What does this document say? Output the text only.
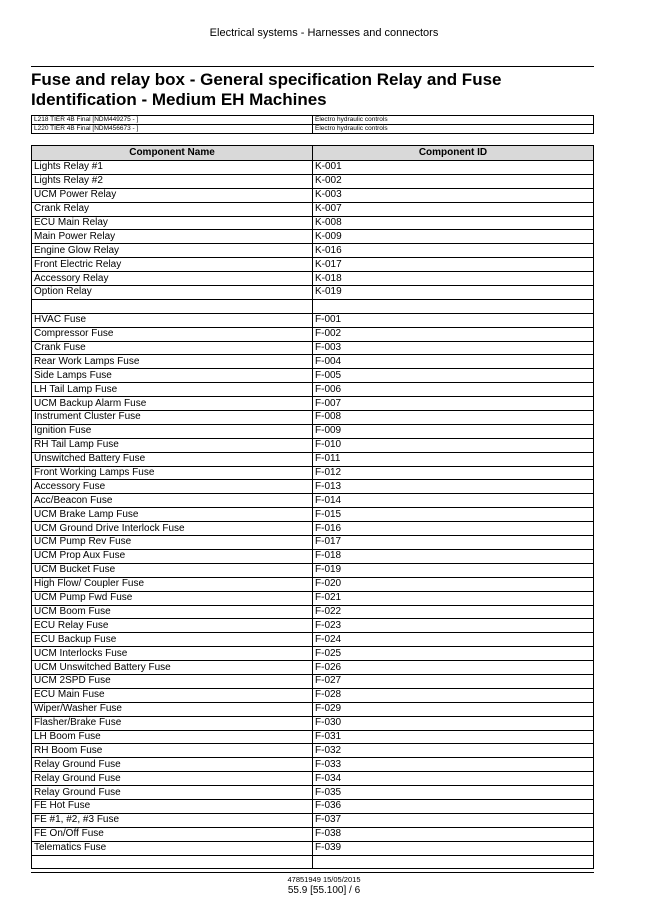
Electrical systems - Harnesses and connectors
Fuse and relay box - General specification Relay and Fuse
Identification - Medium EH Machines
L218 TIER 4B Final [NDM449275 - ]	Electro hydraulic controls
L220 TIER 4B Final [NDM456673 - ]	Electro hydraulic controls
Component Name	Component ID
Lights Relay #1	K-001
Lights Relay #2	K-002
UCM Power Relay	K-003
Crank Relay	K-007
ECU Main Relay	K-008
Main Power Relay	K-009
Engine Glow Relay	K-016
Front Electric Relay	K-017
Accessory Relay	K-018
Option Relay	K-019

HVAC Fuse	F-001
Compressor Fuse	F-002
Crank Fuse	F-003
Rear Work Lamps Fuse	F-004
Side Lamps Fuse	F-005
LH Tail Lamp Fuse	F-006
UCM Backup Alarm Fuse	F-007
Instrument Cluster Fuse	F-008
Ignition Fuse	F-009
RH Tail Lamp Fuse	F-010
Unswitched Battery Fuse	F-011
Front Working Lamps Fuse	F-012
Accessory Fuse	F-013
Acc/Beacon Fuse	F-014
UCM Brake Lamp Fuse	F-015
UCM Ground Drive Interlock Fuse	F-016
UCM Pump Rev Fuse	F-017
UCM Prop Aux Fuse	F-018
UCM Bucket Fuse	F-019
High Flow/ Coupler Fuse	F-020
UCM Pump Fwd Fuse	F-021
UCM Boom Fuse	F-022
ECU Relay Fuse	F-023
ECU Backup Fuse	F-024
UCM Interlocks Fuse	F-025
UCM Unswitched Battery Fuse	F-026
UCM 2SPD Fuse	F-027
ECU Main Fuse	F-028
Wiper/Washer Fuse	F-029
Flasher/Brake Fuse	F-030
LH Boom Fuse	F-031
RH Boom Fuse	F-032
Relay Ground Fuse	F-033
Relay Ground Fuse	F-034
Relay Ground Fuse	F-035
FE Hot Fuse	F-036
FE #1, #2, #3 Fuse	F-037
FE On/Off Fuse	F-038
Telematics Fuse	F-039

47851949 15/05/2015
55.9 [55.100] / 6
